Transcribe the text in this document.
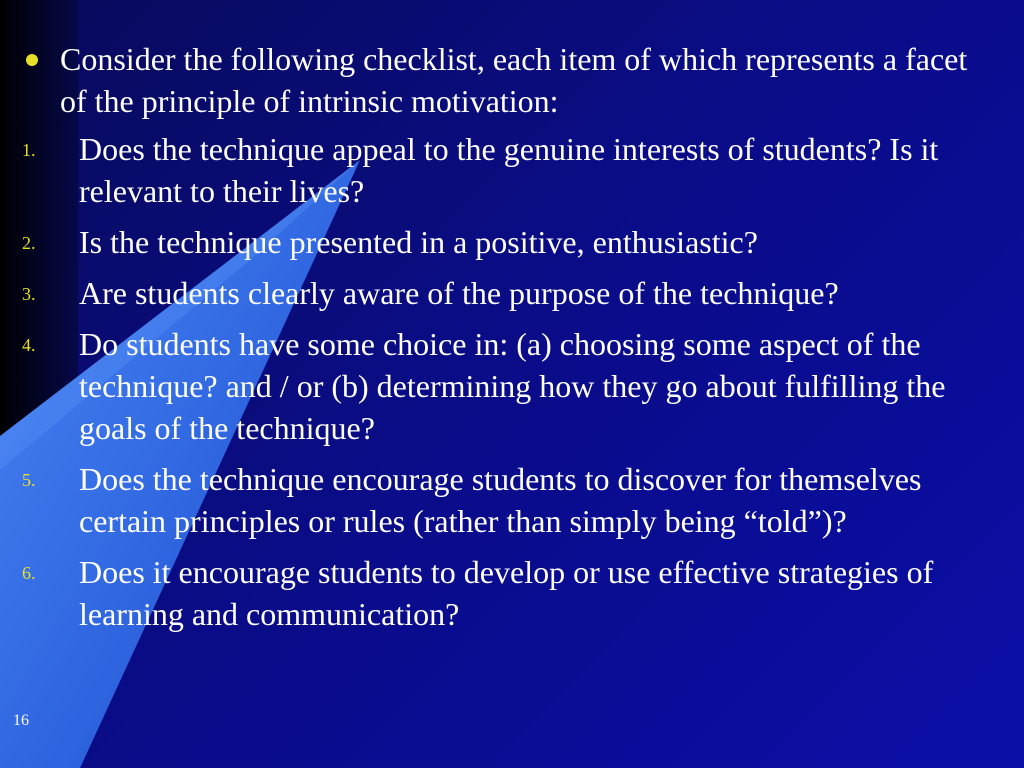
Consider the following checklist, each item of which represents a facet of the principle of intrinsic motivation:

1. Does the technique appeal to the genuine interests of students? Is it relevant to their lives?
2. Is the technique presented in a positive, enthusiastic?
3. Are students clearly aware of the purpose of the technique?
4. Do students have some choice in: (a) choosing some aspect of the technique? and / or (b) determining how they go about fulfilling the goals of the technique?
5. Does the technique encourage students to discover for themselves certain principles or rules (rather than simply being “told”)?
6. Does it encourage students to develop or use effective strategies of learning and communication?
16
